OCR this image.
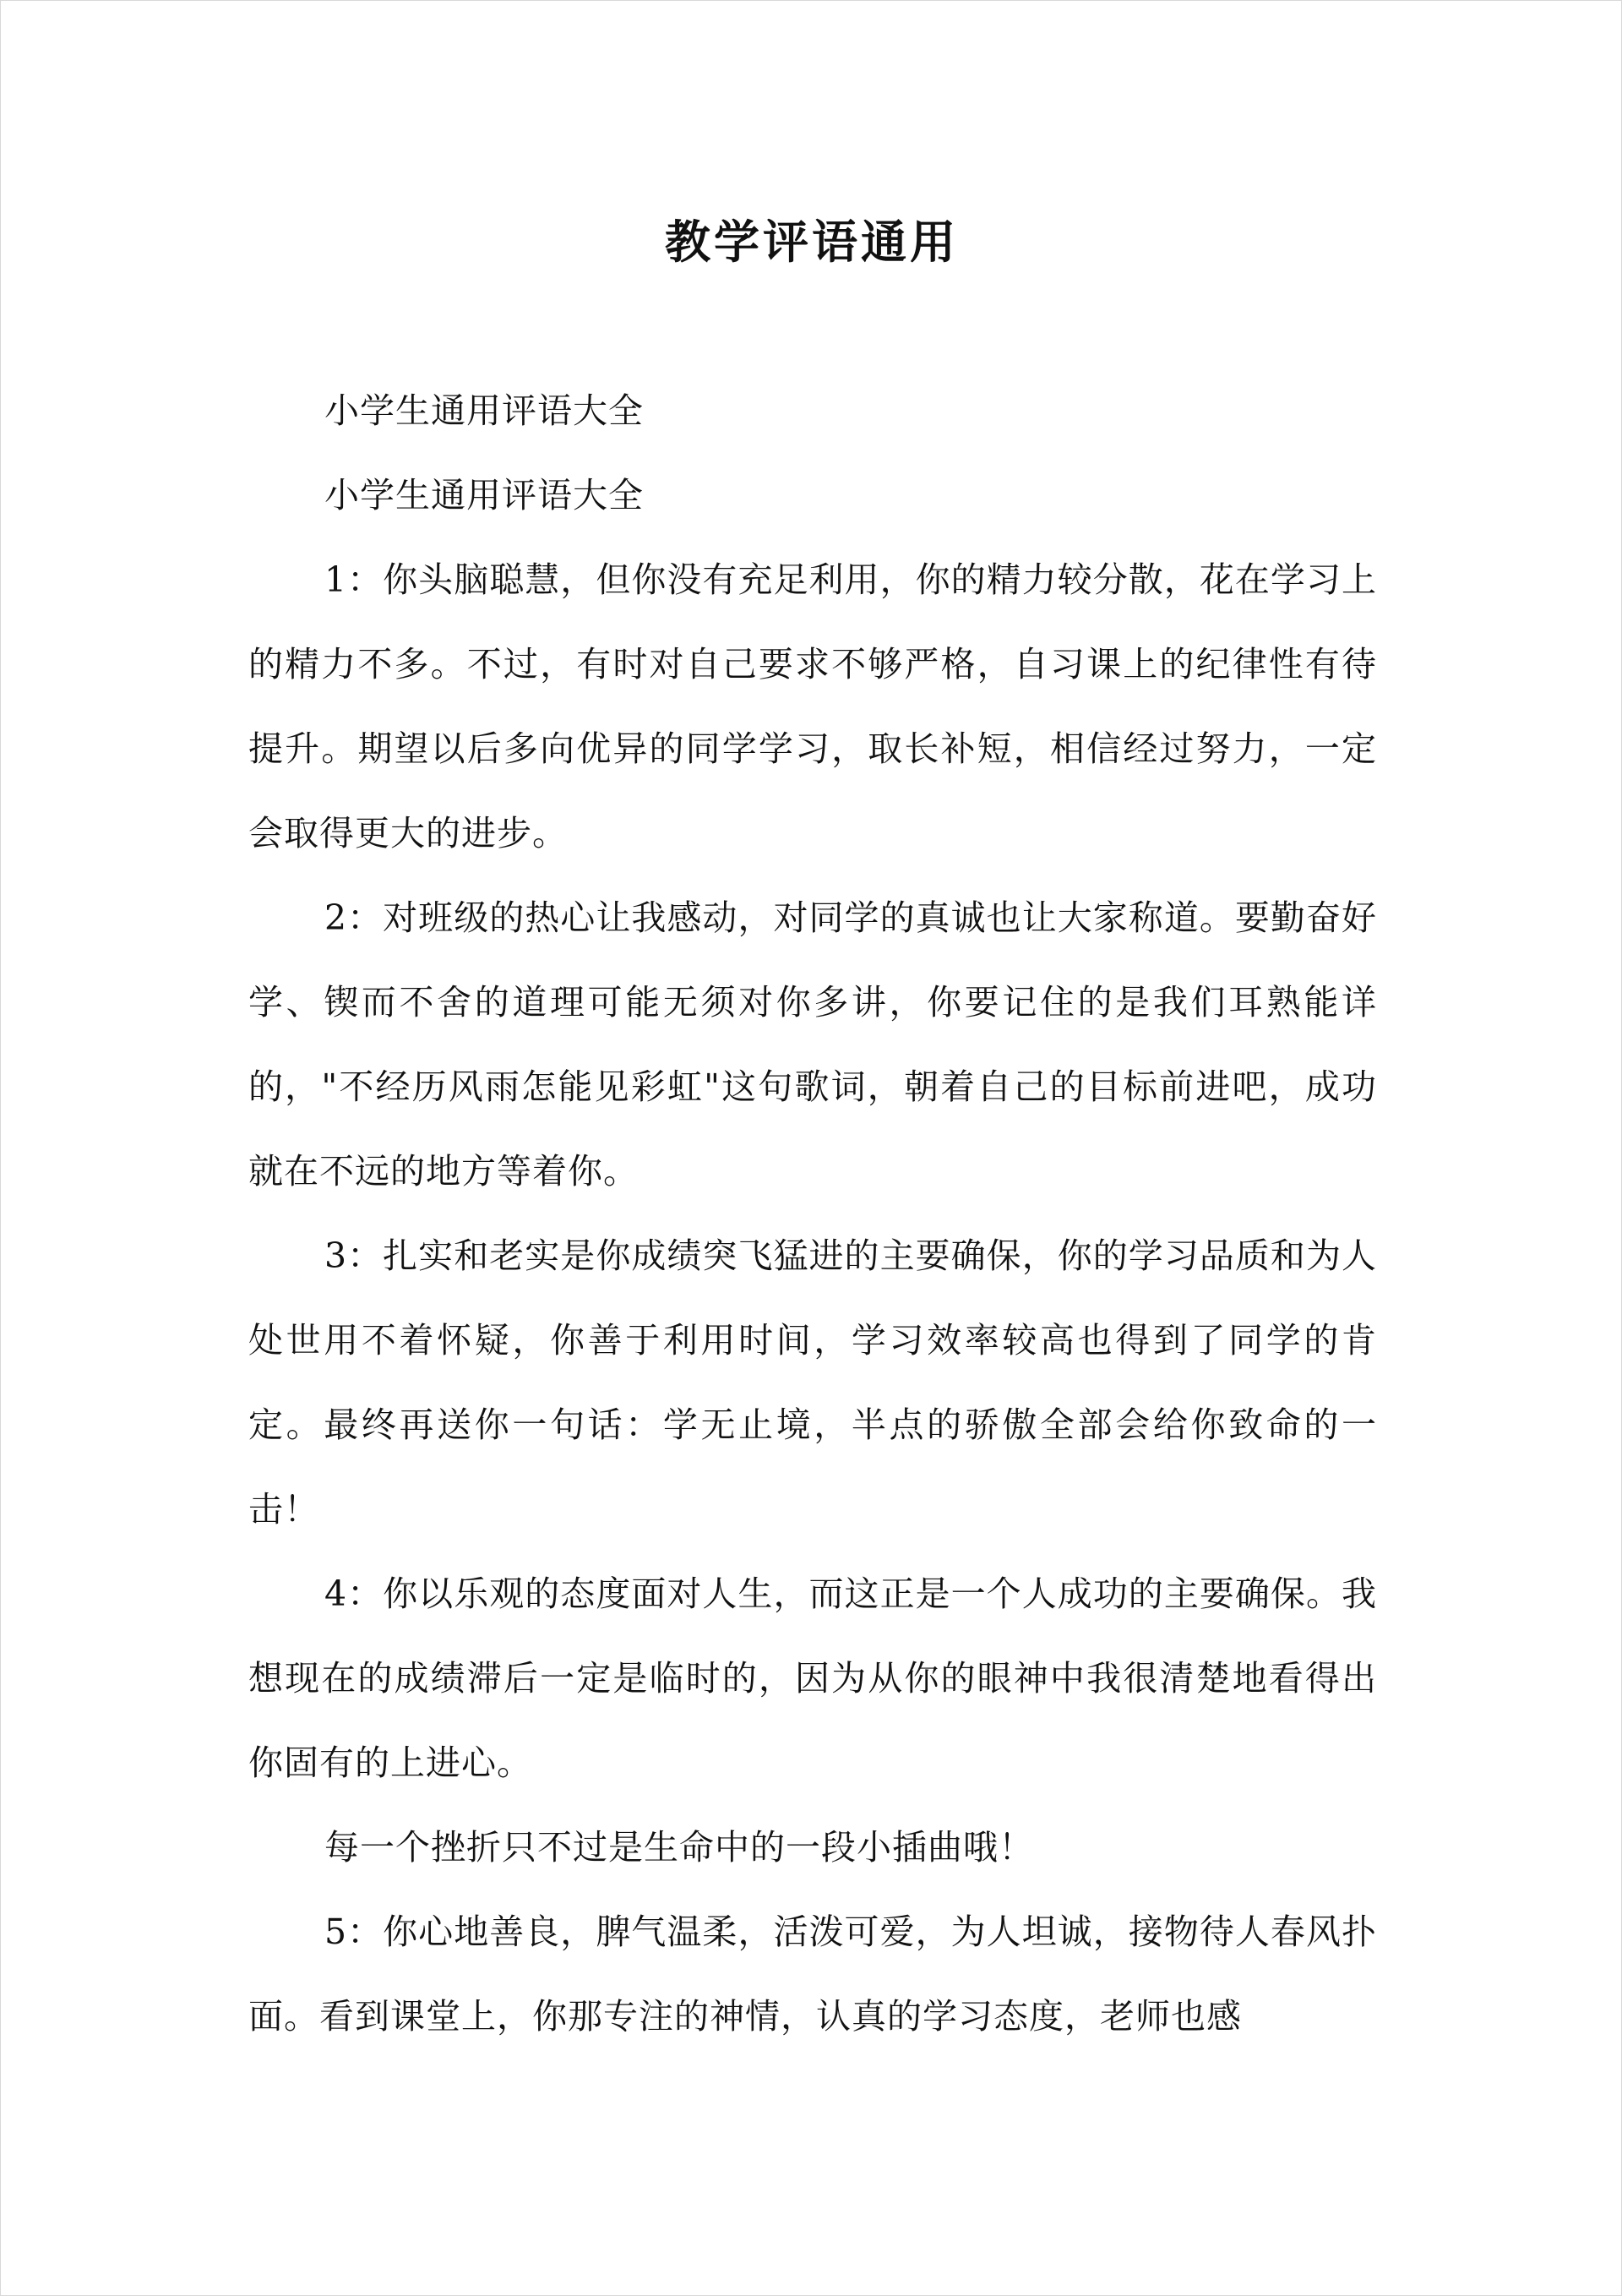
教学评语通用

小学生通用评语大全

小学生通用评语大全

1：你头脑聪慧，但你没有充足利用，你的精力较分散，花在学习上的精力不多。不过，有时对自己要求不够严格，自习课上的纪律性有待提升。期望以后多向优异的同学学习，取长补短，相信经过努力，一定会取得更大的进步。

2：对班级的热心让我感动，对同学的真诚也让大家称道。要勤奋好学、锲而不舍的道理可能无须对你多讲，你要记住的是我们耳熟能详的，"不经历风雨怎能见彩虹"这句歌词，朝着自己的目标前进吧，成功就在不远的地方等着你。

3：扎实和老实是你成绩突飞猛进的主要确保，你的学习品质和为人处世用不着怀疑，你善于利用时间，学习效率较高也得到了同学的肯定。最终再送你一句话：学无止境，半点的骄傲全部会给你致命的一击！

4：你以乐观的态度面对人生，而这正是一个人成功的主要确保。我想现在的成绩滞后一定是临时的，因为从你的眼神中我很清楚地看得出你固有的上进心。

每一个挫折只不过是生命中的一段小插曲哦！

5：你心地善良，脾气温柔，活泼可爱，为人坦诚，接物待人春风扑面。看到课堂上，你那专注的神情，认真的学习态度，老师也感
